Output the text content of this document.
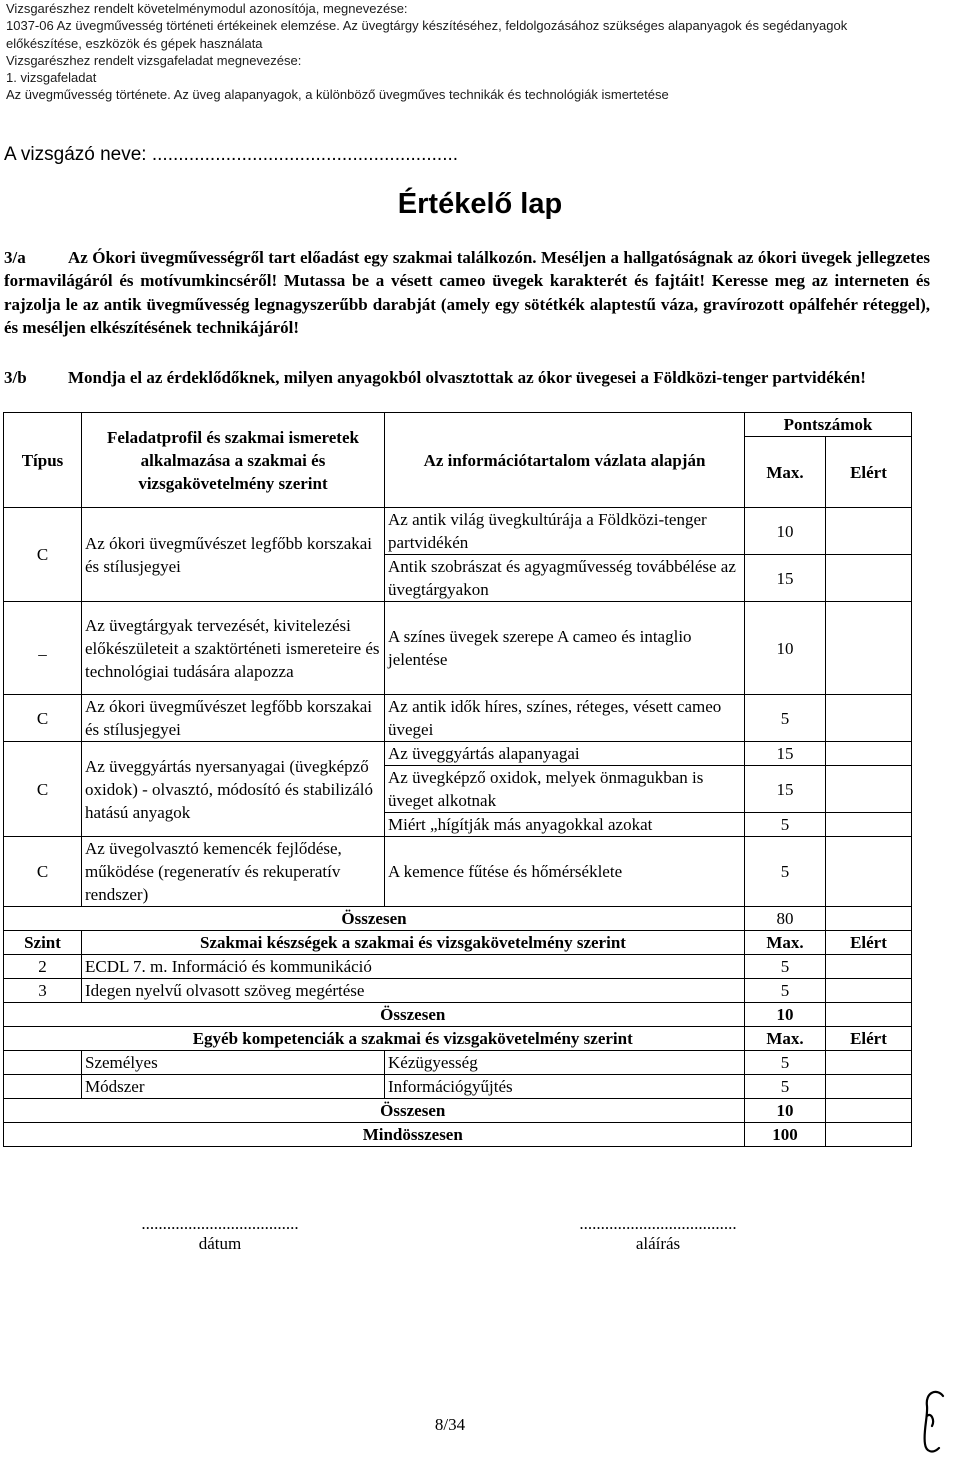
Vizsgarészhez rendelt követelménymodul azonosítója, megnevezése:
1037-06 Az üvegművesség történeti értékeinek elemzése. Az üvegtárgy készítéséhez, feldolgozásához szükséges alapanyagok és segédanyagok
előkészítése, eszközök és gépek használata
Vizsgarészhez rendelt vizsgafeladat megnevezése:
1. vizsgafeladat
Az üvegművesség története. Az üveg alapanyagok, a különböző üvegműves technikák és technológiák ismertetése
A vizsgázó neve: ..........................................................
Értékelő lap
3/a Az Ókori üvegművességről tart előadást egy szakmai találkozón. Meséljen a hallgatóságnak az ókori üvegek jellegzetes formavilágáról és motívumkincséről! Mutassa be a vésett cameo üvegek karakterét és fajtáit! Keresse meg az interneten és rajzolja le az antik üvegművesség legnagyszerűbb darabját (amely egy sötétkék alaptestű váza, gravírozott opálfehér réteggel), és meséljen elkészítésének technikájáról!
3/b Mondja el az érdeklődőknek, milyen anyagokból olvasztottak az ókor üvegesei a Földközi-tenger partvidékén!
Típus	Feladatprofil és szakmai ismeretek alkalmazása a szakmai és vizsgakövetelmény szerint	Az információtartalom vázlata alapján	Pontszámok	
			Max.	Elért
C	Az ókori üvegművészet legfőbb korszakai és stílusjegyei	Az antik világ üvegkultúrája a Földközi-tenger partvidékén	10	
		Antik szobrászat és agyagművesség továbbélése az üvegtárgyakon	15	
_	Az üvegtárgyak tervezését, kivitelezési előkészületeit a szaktörténeti ismereteire és technológiai tudására alapozza	A színes üvegek szerepe A cameo és intaglio jelentése	10	
C	Az ókori üvegművészet legfőbb korszakai és stílusjegyei	Az antik idők híres, színes, réteges, vésett cameo üvegei	5	
C	Az üveggyártás nyersanyagai (üvegképző oxidok) - olvasztó, módosító és stabilizáló hatású anyagok	Az üveggyártás alapanyagai	15	
		Az üvegképző oxidok, melyek önmagukban is üveget alkotnak	15	
		Miért „hígítják más anyagokkal azokat	5	
C	Az üvegolvasztó kemencék fejlődése, működése (regeneratív és rekuperatív rendszer)	A kemence fűtése és hőmérséklete	5	
Összesen			80	
Szint	Szakmai készségek a szakmai és vizsgakövetelmény szerint		Max.	Elért
2	ECDL 7. m. Információ és kommunikáció		5	
3	Idegen nyelvű olvasott szöveg megértése		5	
	Összesen		10	
	Egyéb kompetenciák a szakmai és vizsgakövetelmény szerint		Max.	Elért
	Személyes	Kézügyesség	5	
	Módszer	Információgyűjtés	5	
	Összesen		10	
	Mindösszesen		100	
.....................................
dátum
.....................................
aláírás
8/34
